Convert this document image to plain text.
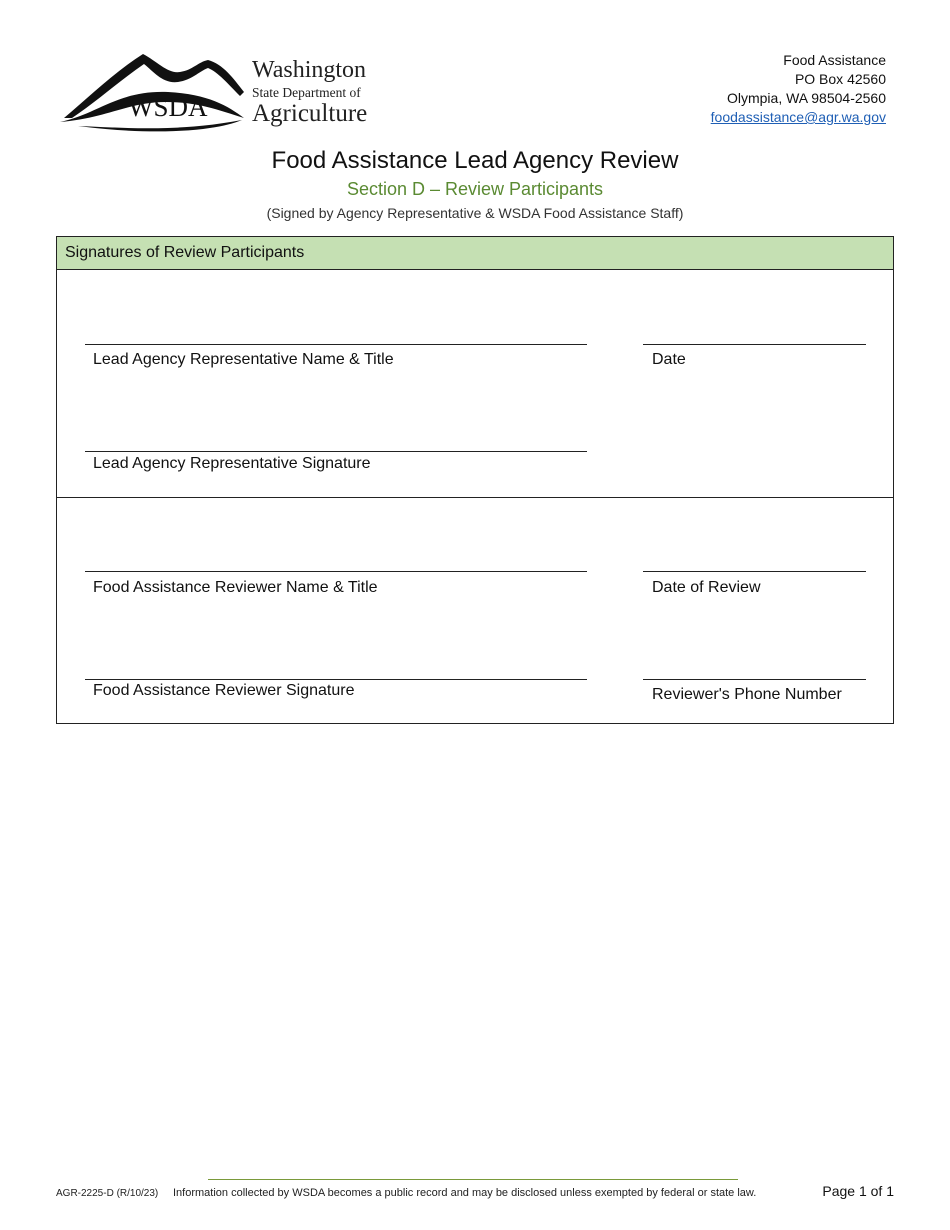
WSDA
Washington
State Department of
Agriculture
Food Assistance
PO Box 42560
Olympia, WA 98504-2560
foodassistance@agr.wa.gov
Food Assistance Lead Agency Review
Section D – Review Participants
(Signed by Agency Representative & WSDA Food Assistance Staff)
Signatures of Review Participants
Lead Agency Representative Name & Title	Date
Lead Agency Representative Signature
Food Assistance Reviewer Name & Title	Date of Review
Food Assistance Reviewer Signature	Reviewer's Phone Number
AGR-2225-D (R/10/23) Information collected by WSDA becomes a public record and may be disclosed unless exempted by federal or state law.	Page 1 of 1
